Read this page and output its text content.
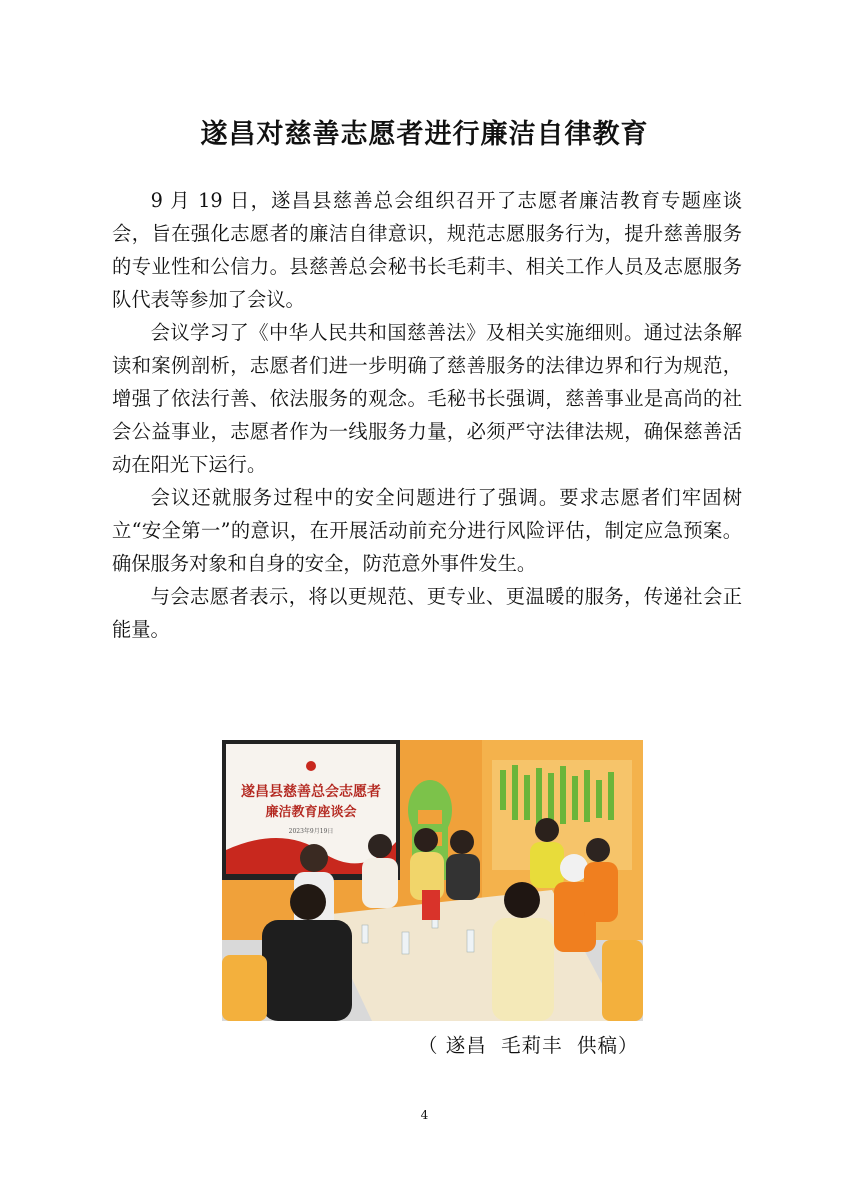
遂昌对慈善志愿者进行廉洁自律教育

9 月 19 日，遂昌县慈善总会组织召开了志愿者廉洁教育专题座谈会，旨在强化志愿者的廉洁自律意识，规范志愿服务行为，提升慈善服务的专业性和公信力。县慈善总会秘书长毛莉丰、相关工作人员及志愿服务队代表等参加了会议。

会议学习了《中华人民共和国慈善法》及相关实施细则。通过法条解读和案例剖析，志愿者们进一步明确了慈善服务的法律边界和行为规范，增强了依法行善、依法服务的观念。毛秘书长强调，慈善事业是高尚的社会公益事业，志愿者作为一线服务力量，必须严守法律法规，确保慈善活动在阳光下运行。

会议还就服务过程中的安全问题进行了强调。要求志愿者们牢固树立“安全第一”的意识，在开展活动前充分进行风险评估，制定应急预案。确保服务对象和自身的安全，防范意外事件发生。

与会志愿者表示，将以更规范、更专业、更温暖的服务，传递社会正能量。

遂昌县慈善总会志愿者
廉洁教育座谈会
2023年9月19日
（ 遂昌  毛莉丰  供稿）
4
